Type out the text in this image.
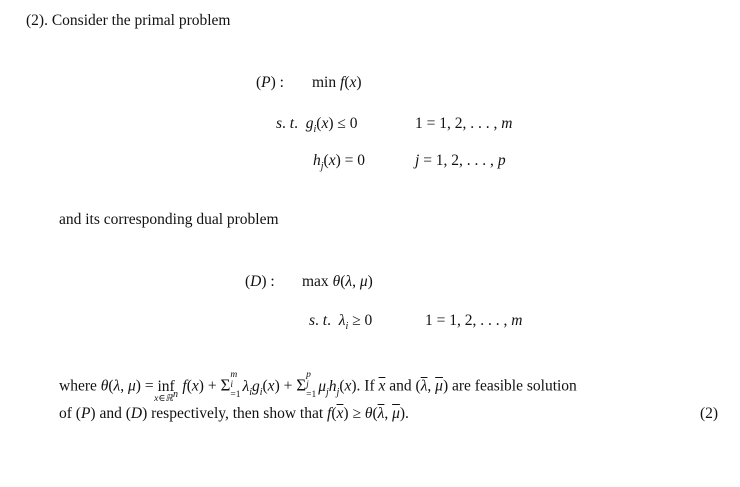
(2). Consider the primal problem
(P) : min f(x)
s. t.  $g_i(x) \le 0$	1 = 1, 2, . . . , m
$h_j(x) = 0$	j = 1, 2, . . . , p
and its corresponding dual problem
(D) : max θ(λ, μ)
s. t.  $\lambda_i \ge 0$	1 = 1, 2, . . . , m
where θ(λ, μ) = inf
x∈ℝ$^n$ f(x) + Σ
m
i
=1
$\lambda_ig_i(x) + \Sigma$
p
j
=1
$\mu_jh_j(x)$. If $\overline{x}$ and ($\overline{\lambda}$, $\overline{\mu}$) are feasible solution
of (P) and (D) respectively, then show that $f(\overline{x}) \ge \theta(\overline{\lambda}$, $\overline{\mu}$).	(2)
